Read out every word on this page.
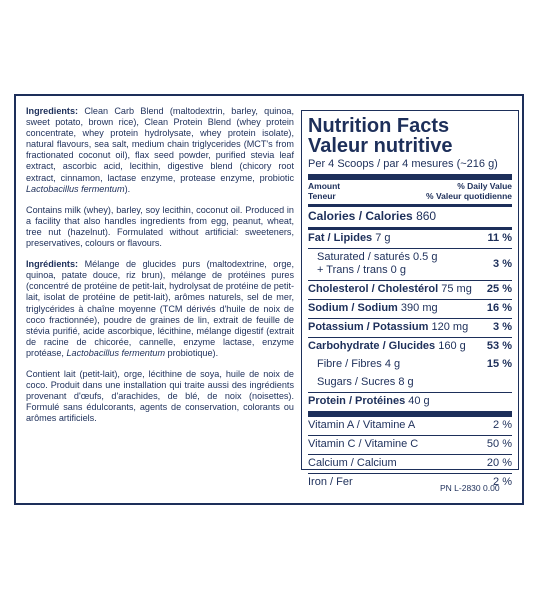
Ingredients: Clean Carb Blend (maltodextrin, barley, quinoa, sweet potato, brown rice), Clean Protein Blend (whey protein concentrate, whey protein hydrolysate, whey protein isolate), natural flavours, sea salt, medium chain triglycerides (MCT's from fractionated coconut oil), flax seed powder, purified stevia leaf extract, ascorbic acid, lecithin, digestive blend (chicory root extract, cinnamon, lactase enzyme, protease enzyme, probiotic Lactobacillus fermentum).

Contains milk (whey), barley, soy lecithin, coconut oil. Produced in a facility that also handles ingredients from egg, peanut, wheat, tree nut (hazelnut). Formulated without artificial: sweeteners, preservatives, colours or flavours.

Ingrédients: Mélange de glucides purs (maltodextrine, orge, quinoa, patate douce, riz brun), mélange de protéines pures (concentré de protéine de petit-lait, hydrolysat de protéine de petit-lait, isolat de protéine de petit-lait), arômes naturels, sel de mer, triglycérides à chaîne moyenne (TCM dérivés d'huile de noix de coco fractionnée), poudre de graines de lin, extrait de feuille de stévia purifié, acide ascorbique, lécithine, mélange digestif (extrait de racine de chicorée, cannelle, enzyme lactase, enzyme protéase, Lactobacillus fermentum probiotique).

Contient lait (petit-lait), orge, lécithine de soya, huile de noix de coco. Produit dans une installation qui traite aussi des ingrédients provenant d'œufs, d'arachides, de blé, de noix (noisettes). Formulé sans édulcorants, agents de conservation, colorants ou arômes artificiels.

Nutrition Facts
Valeur nutritive
Per 4 Scoops / par 4 mesures (~216 g)
Amount
Teneur
% Daily Value
% Valeur quotidienne
Calories / Calories 860
Fat / Lipides 7 g	11 %
Saturated / saturés 0.5 g
+ Trans / trans 0 g	3 %
Cholesterol / Cholestérol 75 mg 25 %
Sodium / Sodium 390 mg	16 %
Potassium / Potassium 120 mg 3 %
Carbohydrate / Glucides 160 g 53 %
Fibre / Fibres 4 g	15 %
Sugars / Sucres 8 g
Protein / Protéines 40 g
Vitamin A / Vitamine A	2 %
Vitamin C / Vitamine C	50 %
Calcium / Calcium	20 %
Iron / Fer	2 %
PN L-2830 0.00
